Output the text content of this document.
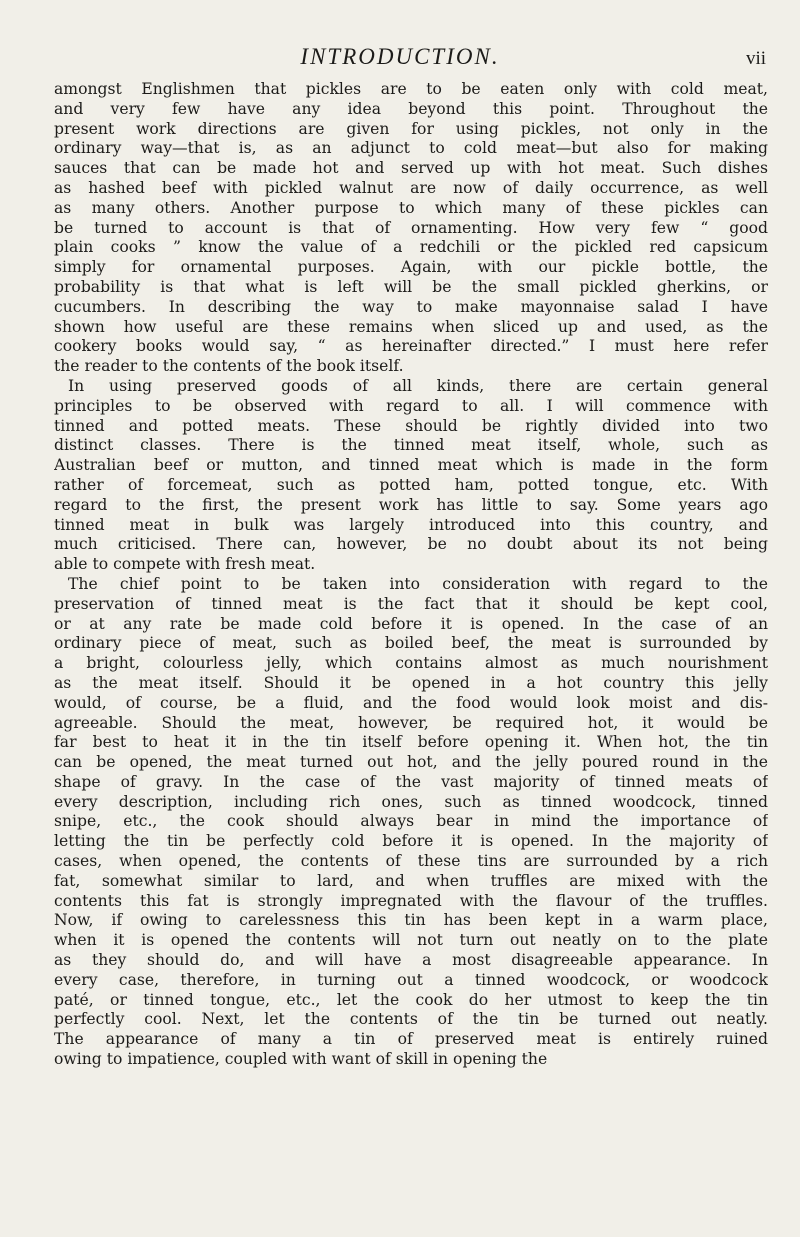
INTRODUCTION.	vii

amongst Englishmen that pickles are to be eaten only with cold meat,
and very few have any idea beyond this point. Throughout the
present work directions are given for using pickles, not only in the
ordinary way—that is, as an adjunct to cold meat—but also for making
sauces that can be made hot and served up with hot meat. Such dishes
as hashed beef with pickled walnut are now of daily occurrence, as well
as many others. Another purpose to which many of these pickles can
be turned to account is that of ornamenting. How very few “ good
plain cooks ” know the value of a redchili or the pickled red capsicum
simply for ornamental purposes. Again, with our pickle bottle, the
probability is that what is left will be the small pickled gherkins, or
cucumbers. In describing the way to make mayonnaise salad I have
shown how useful are these remains when sliced up and used, as the
cookery books would say, “ as hereinafter directed.” I must here refer
the reader to the contents of the book itself.

In using preserved goods of all kinds, there are certain general
principles to be observed with regard to all. I will commence with
tinned and potted meats. These should be rightly divided into two
distinct classes. There is the tinned meat itself, whole, such as
Australian beef or mutton, and tinned meat which is made in the form
rather of forcemeat, such as potted ham, potted tongue, etc. With
regard to the first, the present work has little to say. Some years ago
tinned meat in bulk was largely introduced into this country, and
much criticised. There can, however, be no doubt about its not being
able to compete with fresh meat.

The chief point to be taken into consideration with regard to the
preservation of tinned meat is the fact that it should be kept cool,
or at any rate be made cold before it is opened. In the case of an
ordinary piece of meat, such as boiled beef, the meat is surrounded by
a bright, colourless jelly, which contains almost as much nourishment
as the meat itself. Should it be opened in a hot country this jelly
would, of course, be a fluid, and the food would look moist and dis-
agreeable. Should the meat, however, be required hot, it would be
far best to heat it in the tin itself before opening it. When hot, the tin
can be opened, the meat turned out hot, and the jelly poured round in the
shape of gravy. In the case of the vast majority of tinned meats of
every description, including rich ones, such as tinned woodcock, tinned
snipe, etc., the cook should always bear in mind the importance of
letting the tin be perfectly cold before it is opened. In the majority of
cases, when opened, the contents of these tins are surrounded by a rich
fat, somewhat similar to lard, and when truffles are mixed with the
contents this fat is strongly impregnated with the flavour of the truffles.
Now, if owing to carelessness this tin has been kept in a warm place,
when it is opened the contents will not turn out neatly on to the plate
as they should do, and will have a most disagreeable appearance. In
every case, therefore, in turning out a tinned woodcock, or woodcock
paté, or tinned tongue, etc., let the cook do her utmost to keep the tin
perfectly cool. Next, let the contents of the tin be turned out neatly.
The appearance of many a tin of preserved meat is entirely ruined
owing to impatience, coupled with want of skill in opening the
